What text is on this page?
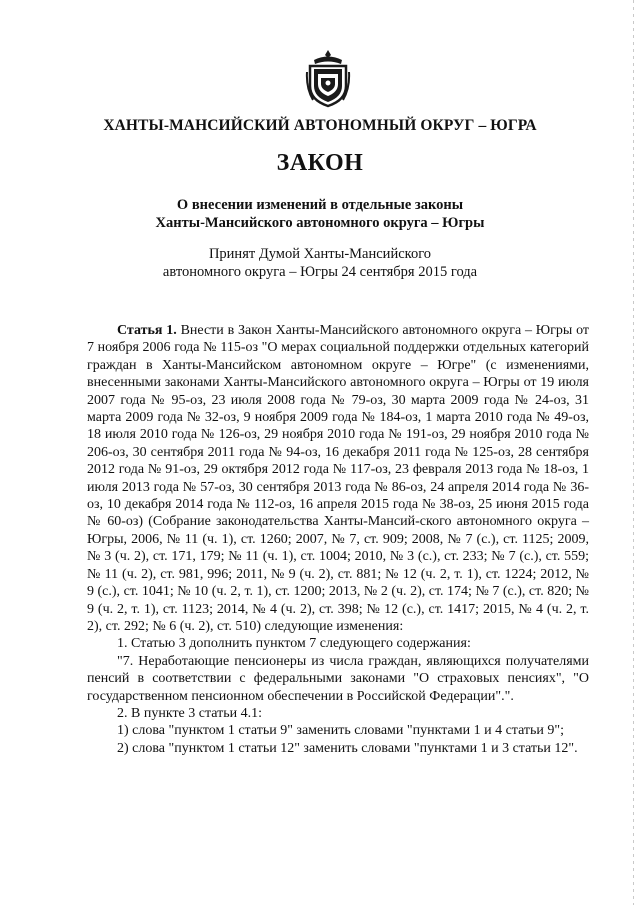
ХАНТЫ-МАНСИЙСКИЙ АВТОНОМНЫЙ ОКРУГ – ЮГРА
ЗАКОН
О внесении изменений в отдельные законы
Ханты-Мансийского автономного округа – Югры
Принят Думой Ханты-Мансийского
автономного округа – Югры 24 сентября 2015 года

Статья 1. Внести в Закон Ханты-Мансийского автономного округа – Югры от 7 ноября 2006 года № 115-оз "О мерах социальной поддержки отдельных категорий граждан в Ханты-Мансийском автономном округе – Югре" (с изменениями, внесенными законами Ханты-Мансийского автономного округа – Югры от 19 июля 2007 года № 95-оз, 23 июля 2008 года № 79-оз, 30 марта 2009 года № 24-оз, 31 марта 2009 года № 32-оз, 9 ноября 2009 года № 184-оз, 1 марта 2010 года № 49-оз, 18 июля 2010 года № 126-оз, 29 ноября 2010 года № 191-оз, 29 ноября 2010 года № 206-оз, 30 сентября 2011 года № 94-оз, 16 декабря 2011 года № 125-оз, 28 сентября 2012 года № 91-оз, 29 октября 2012 года № 117-оз, 23 февраля 2013 года № 18-оз, 1 июля 2013 года № 57-оз, 30 сентября 2013 года № 86-оз, 24 апреля 2014 года № 36-оз, 10 декабря 2014 года № 112-оз, 16 апреля 2015 года № 38-оз, 25 июня 2015 года № 60-оз) (Собрание законодательства Ханты-Мансий-ского автономного округа – Югры, 2006, № 11 (ч. 1), ст. 1260; 2007, № 7, ст. 909; 2008, № 7 (с.), ст. 1125; 2009, № 3 (ч. 2), ст. 171, 179; № 11 (ч. 1), ст. 1004; 2010, № 3 (с.), ст. 233; № 7 (с.), ст. 559; № 11 (ч. 2), ст. 981, 996; 2011, № 9 (ч. 2), ст. 881; № 12 (ч. 2, т. 1), ст. 1224; 2012, № 9 (с.), ст. 1041; № 10 (ч. 2, т. 1), ст. 1200; 2013, № 2 (ч. 2), ст. 174; № 7 (с.), ст. 820; № 9 (ч. 2, т. 1), ст. 1123; 2014, № 4 (ч. 2), ст. 398; № 12 (с.), ст. 1417; 2015, № 4 (ч. 2, т. 2), ст. 292; № 6 (ч. 2), ст. 510) следующие изменения:

1. Статью 3 дополнить пунктом 7 следующего содержания:

"7. Неработающие пенсионеры из числа граждан, являющихся получателями пенсий в соответствии с федеральными законами "О страховых пенсиях", "О государственном пенсионном обеспечении в Российской Федерации".".

2. В пункте 3 статьи 4.1:

1) слова "пунктом 1 статьи 9" заменить словами "пунктами 1 и 4 статьи 9";

2) слова "пунктом 1 статьи 12" заменить словами "пунктами 1 и 3 статьи 12".
